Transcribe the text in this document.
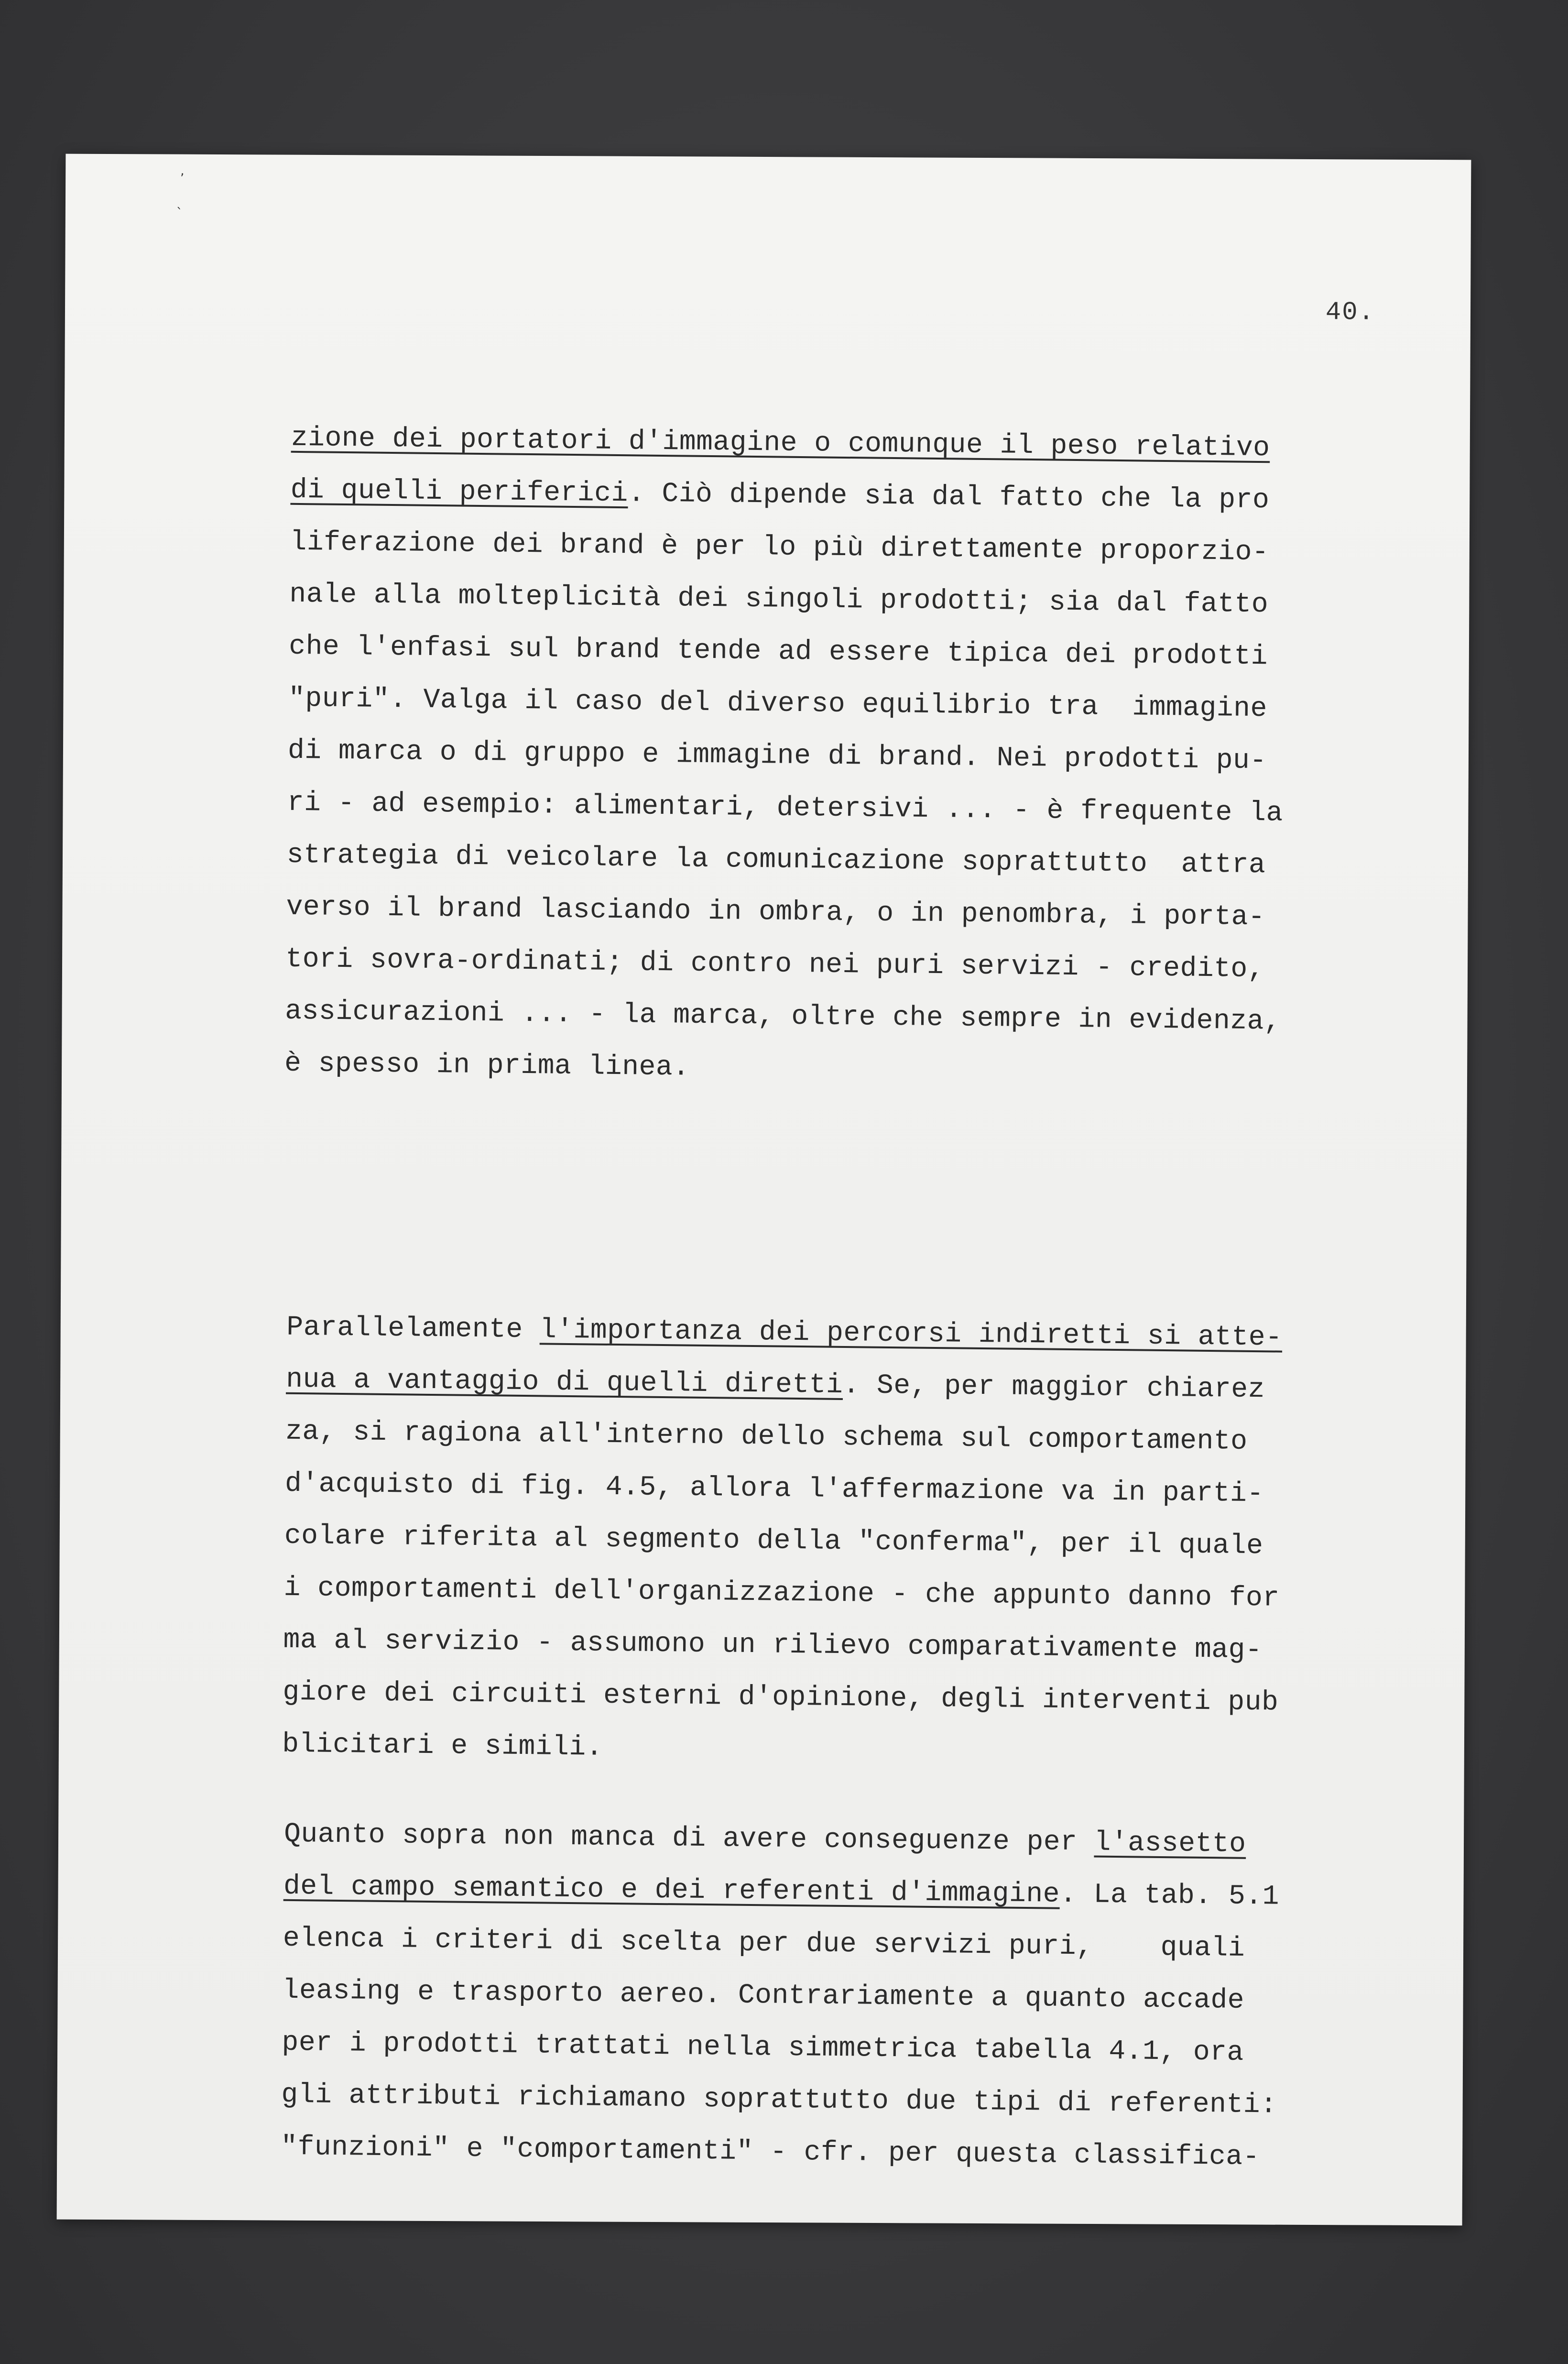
,
`
40.
zione dei portatori d'immagine o comunque il peso relativo
di quelli periferici. Ciò dipende sia dal fatto che la pro
liferazione dei brand è per lo più direttamente proporzio-
nale alla molteplicità dei singoli prodotti; sia dal fatto
che l'enfasi sul brand tende ad essere tipica dei prodotti
"puri". Valga il caso del diverso equilibrio tra  immagine
di marca o di gruppo e immagine di brand. Nei prodotti pu-
ri - ad esempio: alimentari, detersivi ... - è frequente la
strategia di veicolare la comunicazione soprattutto  attra
verso il brand lasciando in ombra, o in penombra, i porta-
tori sovra-ordinati; di contro nei puri servizi - credito,
assicurazioni ... - la marca, oltre che sempre in evidenza,
è spesso in prima linea.
Parallelamente l'importanza dei percorsi indiretti si atte-
nua a vantaggio di quelli diretti. Se, per maggior chiarez
za, si ragiona all'interno dello schema sul comportamento
d'acquisto di fig. 4.5, allora l'affermazione va in parti-
colare riferita al segmento della "conferma", per il quale
i comportamenti dell'organizzazione - che appunto danno for
ma al servizio - assumono un rilievo comparativamente mag-
giore dei circuiti esterni d'opinione, degli interventi pub
blicitari e simili.
Quanto sopra non manca di avere conseguenze per l'assetto
del campo semantico e dei referenti d'immagine. La tab. 5.1
elenca i criteri di scelta per due servizi puri,    quali
leasing e trasporto aereo. Contrariamente a quanto accade
per i prodotti trattati nella simmetrica tabella 4.1, ora
gli attributi richiamano soprattutto due tipi di referenti:
"funzioni" e "comportamenti" - cfr. per questa classifica-
